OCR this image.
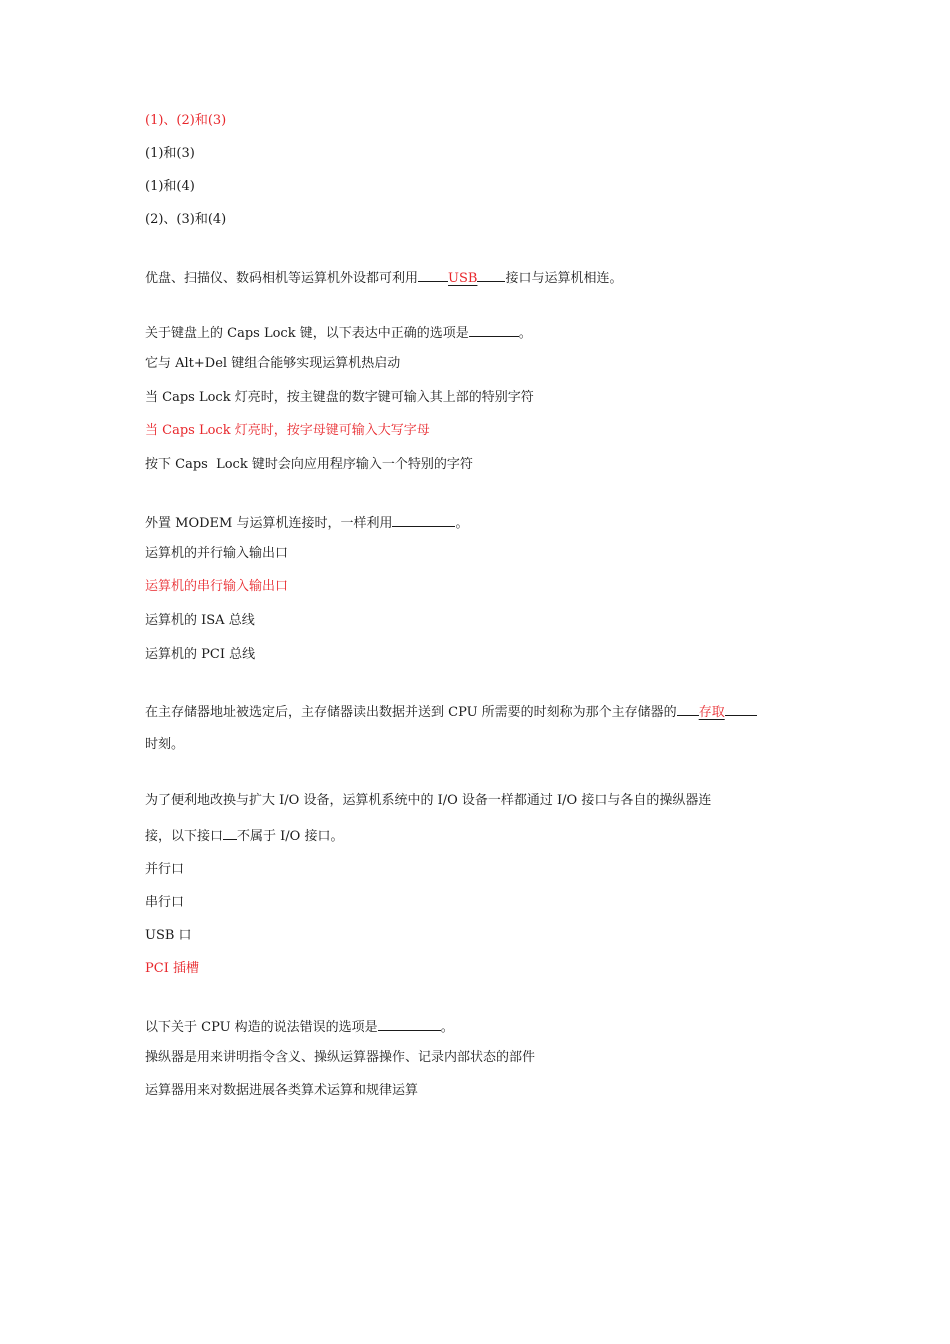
(1)、(2)和(3)

(1)和(3)

(1)和(4)

(2)、(3)和(4)

优盘、扫描仪、数码相机等运算机外设都可利用 USB 接口与运算机相连。

关于键盘上的 Caps Lock 键，以下表达中正确的选项是	。

它与 Alt+Del 键组合能够实现运算机热启动

当 Caps Lock 灯亮时，按主键盘的数字键可输入其上部的特别字符

当 Caps Lock 灯亮时，按字母键可输入大写字母

按下 Caps  Lock 键时会向应用程序输入一个特别的字符

外置 MODEM 与运算机连接时，一样利用	。

运算机的并行输入输出口

运算机的串行输入输出口

运算机的 ISA 总线

运算机的 PCI 总线

在主存储器地址被选定后，主存储器读出数据并送到 CPU 所需要的时刻称为那个主存储器的 存取

时刻。

为了便利地改换与扩大 I/O 设备，运算机系统中的 I/O 设备一样都通过 I/O 接口与各自的操纵器连

接，以下接口 不属于 I/O 接口。

并行口

串行口

USB 口

PCI 插槽

以下关于 CPU 构造的说法错误的选项是	。

操纵器是用来讲明指令含义、操纵运算器操作、记录内部状态的部件

运算器用来对数据进展各类算术运算和规律运算
